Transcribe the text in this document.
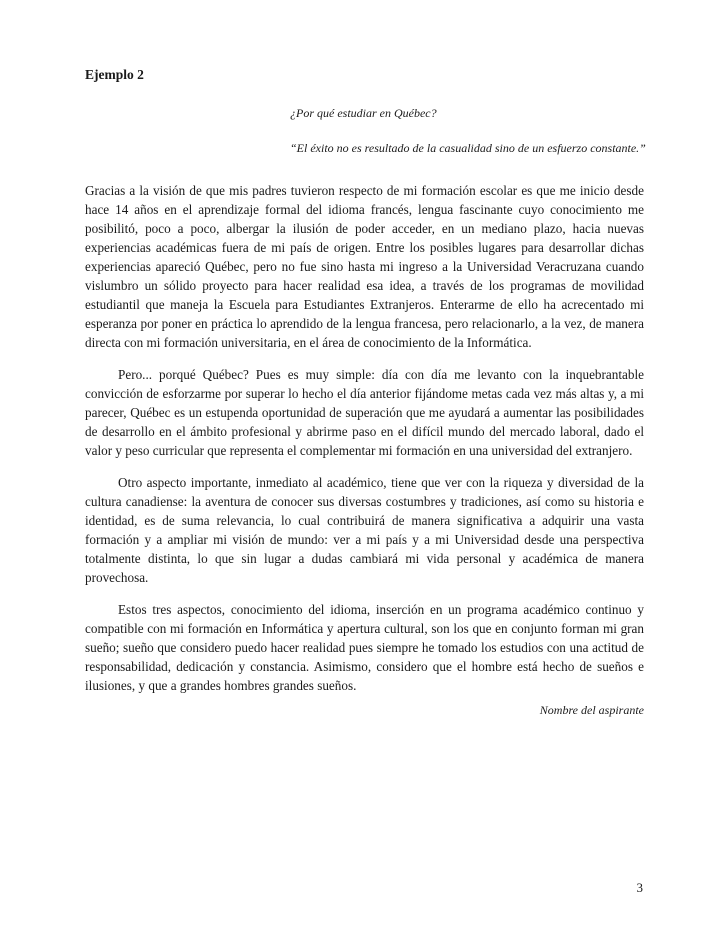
Ejemplo 2

¿Por qué estudiar en Québec?

“El éxito no es resultado de la casualidad sino de un esfuerzo constante.”

Gracias a la visión de que mis padres tuvieron respecto de mi formación escolar es que me inicio desde hace 14 años en el aprendizaje formal del idioma francés, lengua fascinante cuyo conocimiento me posibilitó, poco a poco, albergar la ilusión de poder acceder, en un mediano plazo, hacia nuevas experiencias académicas fuera de mi país de origen. Entre los posibles lugares para desarrollar dichas experiencias apareció Québec, pero no fue sino hasta mi ingreso a la Universidad Veracruzana cuando vislumbro un sólido proyecto para hacer realidad esa idea, a través de los programas de movilidad estudiantil que maneja la Escuela para Estudiantes Extranjeros. Enterarme de ello ha acrecentado mi esperanza por poner en práctica lo aprendido de la lengua francesa, pero relacionarlo, a la vez, de manera directa con mi formación universitaria, en el área de conocimiento de la Informática.

Pero... porqué Québec? Pues es muy simple: día con día me levanto con la inquebrantable convicción de esforzarme por superar lo hecho el día anterior fijándome metas cada vez más altas y, a mi parecer, Québec es un estupenda oportunidad de superación que me ayudará a aumentar las posibilidades de desarrollo en el ámbito profesional y abrirme paso en el difícil mundo del mercado laboral, dado el valor y peso curricular que representa el complementar mi formación en una universidad del extranjero.

Otro aspecto importante, inmediato al académico, tiene que ver con la riqueza y diversidad de la cultura canadiense: la aventura de conocer sus diversas costumbres y tradiciones, así como su historia e identidad, es de suma relevancia, lo cual contribuirá de manera significativa a adquirir una vasta formación y a ampliar mi visión de mundo: ver a mi país y a mi Universidad desde una perspectiva totalmente distinta, lo que sin lugar a dudas cambiará mi vida personal y académica de manera provechosa.

Estos tres aspectos, conocimiento del idioma, inserción en un programa académico continuo y compatible con mi formación en Informática y apertura cultural, son los que en conjunto forman mi gran sueño; sueño que considero puedo hacer realidad pues siempre he tomado los estudios con una actitud de responsabilidad, dedicación y constancia. Asimismo, considero que el hombre está hecho de sueños e ilusiones, y que a grandes hombres grandes sueños.

Nombre del aspirante

3
